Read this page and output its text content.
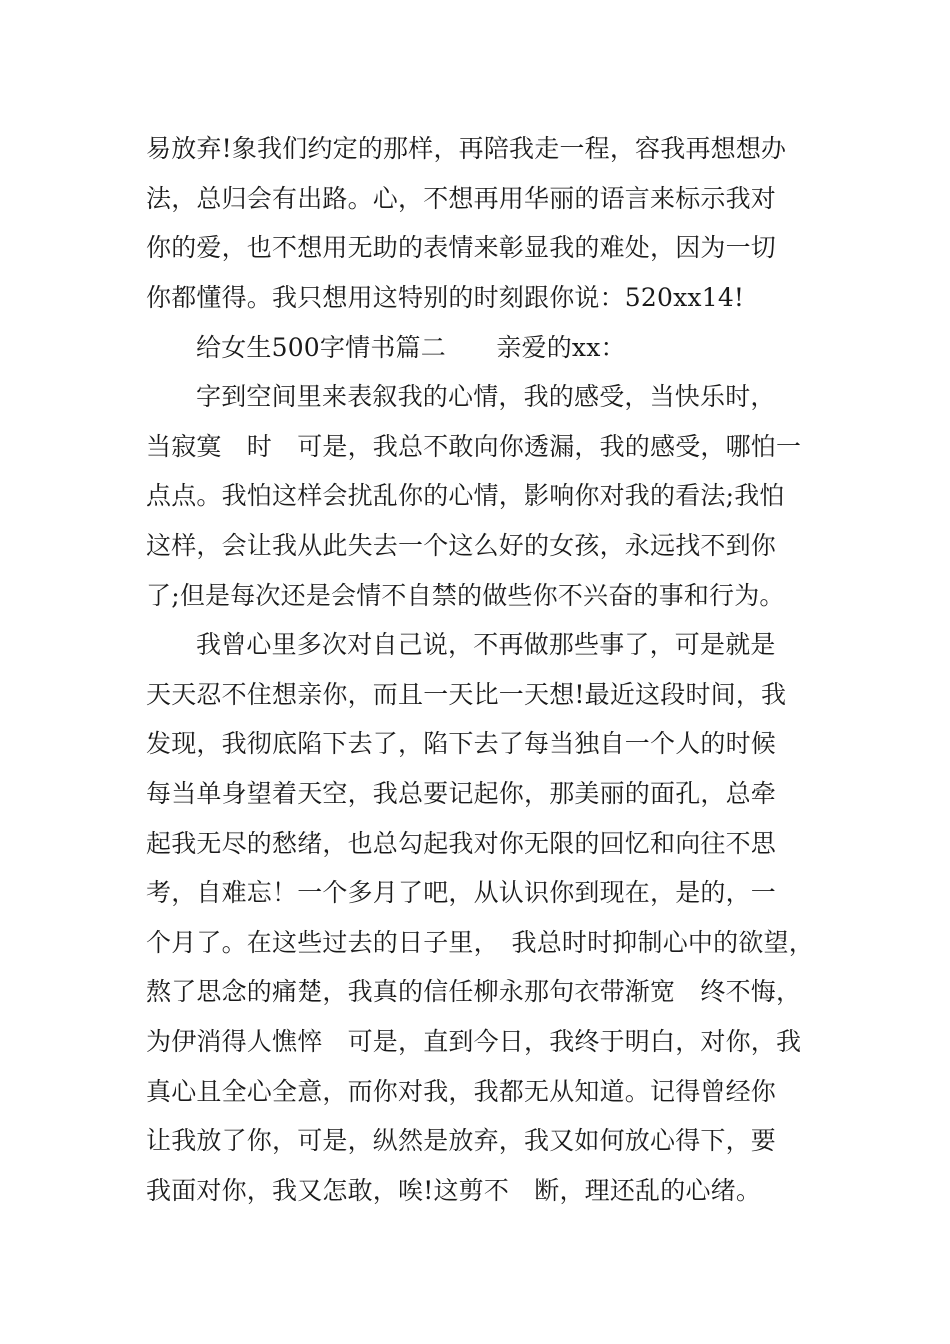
易放弃!象我们约定的那样，再陪我走一程，容我再想想办
法，总归会有出路。心，不想再用华丽的语言来标示我对
你的爱，也不想用无助的表情来彰显我的难处，因为一切
你都懂得。我只想用这特别的时刻跟你说：520xx14!
给女生500字情书篇二　　亲爱的xx：
字到空间里来表叙我的心情，我的感受，当快乐时，
当寂寞　时　可是，我总不敢向你透漏，我的感受，哪怕一
点点。我怕这样会扰乱你的心情，影响你对我的看法;我怕
这样，会让我从此失去一个这么好的女孩，永远找不到你
了;但是每次还是会情不自禁的做些你不兴奋的事和行为。
我曾心里多次对自己说，不再做那些事了，可是就是
天天忍不住想亲你，而且一天比一天想!最近这段时间，我
发现，我彻底陷下去了，陷下去了每当独自一个人的时候
每当单身望着天空，我总要记起你，那美丽的面孔，总牵
起我无尽的愁绪，也总勾起我对你无限的回忆和向往不思
考，自难忘！一个多月了吧，从认识你到现在，是的，一
个月了。在这些过去的日子里，　我总时时抑制心中的欲望，
熬了思念的痛楚，我真的信任柳永那句衣带渐宽　终不悔，
为伊消得人憔悴　可是，直到今日，我终于明白，对你，我
真心且全心全意，而你对我，我都无从知道。记得曾经你
让我放了你，可是，纵然是放弃，我又如何放心得下，要
我面对你，我又怎敢，唉!这剪不　断，理还乱的心绪。
